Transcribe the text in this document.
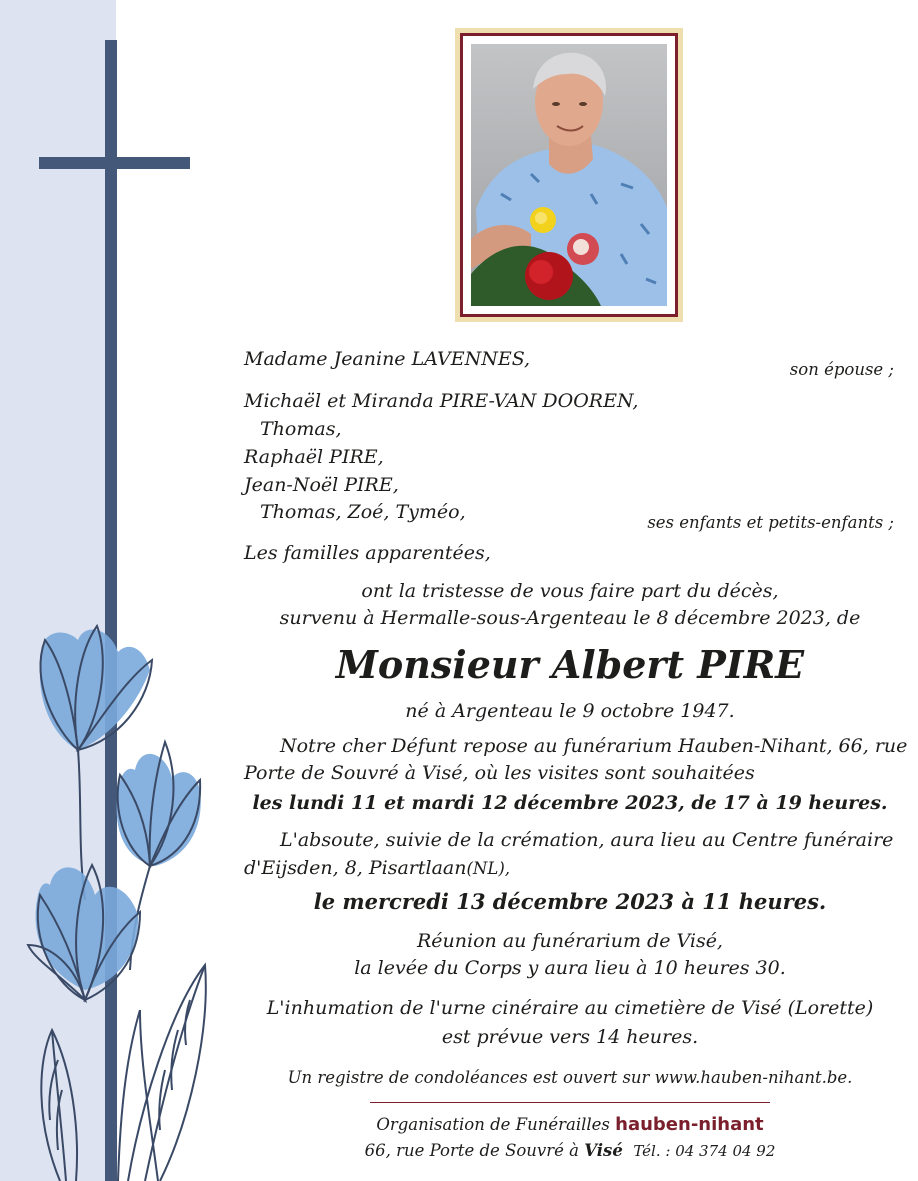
Madame Jeanine LAVENNES,	son épouse ;
Michaël et Miranda PIRE-VAN DOOREN,
Thomas,
Raphaël PIRE,
Jean-Noël PIRE,
Thomas, Zoé, Tyméo,	ses enfants et petits-enfants ;
Les familles apparentées,
ont la tristesse de vous faire part du décès,
survenu à Hermalle-sous-Argenteau le 8 décembre 2023, de
Monsieur Albert PIRE
né à Argenteau le 9 octobre 1947.
Notre cher Défunt repose au funérarium Hauben-Nihant, 66, rue
Porte de Souvré à Visé, où les visites sont souhaitées
les lundi 11 et mardi 12 décembre 2023, de 17 à 19 heures.
L'absoute, suivie de la crémation, aura lieu au Centre funéraire
d'Eijsden, 8, Pisartlaan(NL),
le mercredi 13 décembre 2023 à 11 heures.
Réunion au funérarium de Visé,
la levée du Corps y aura lieu à 10 heures 30.
L'inhumation de l'urne cinéraire au cimetière de Visé (Lorette)
est prévue vers 14 heures.
Un registre de condoléances est ouvert sur www.hauben-nihant.be.
Organisation de Funérailles hauben-nihant
66, rue Porte de Souvré à Visé Tél. : 04 374 04 92
